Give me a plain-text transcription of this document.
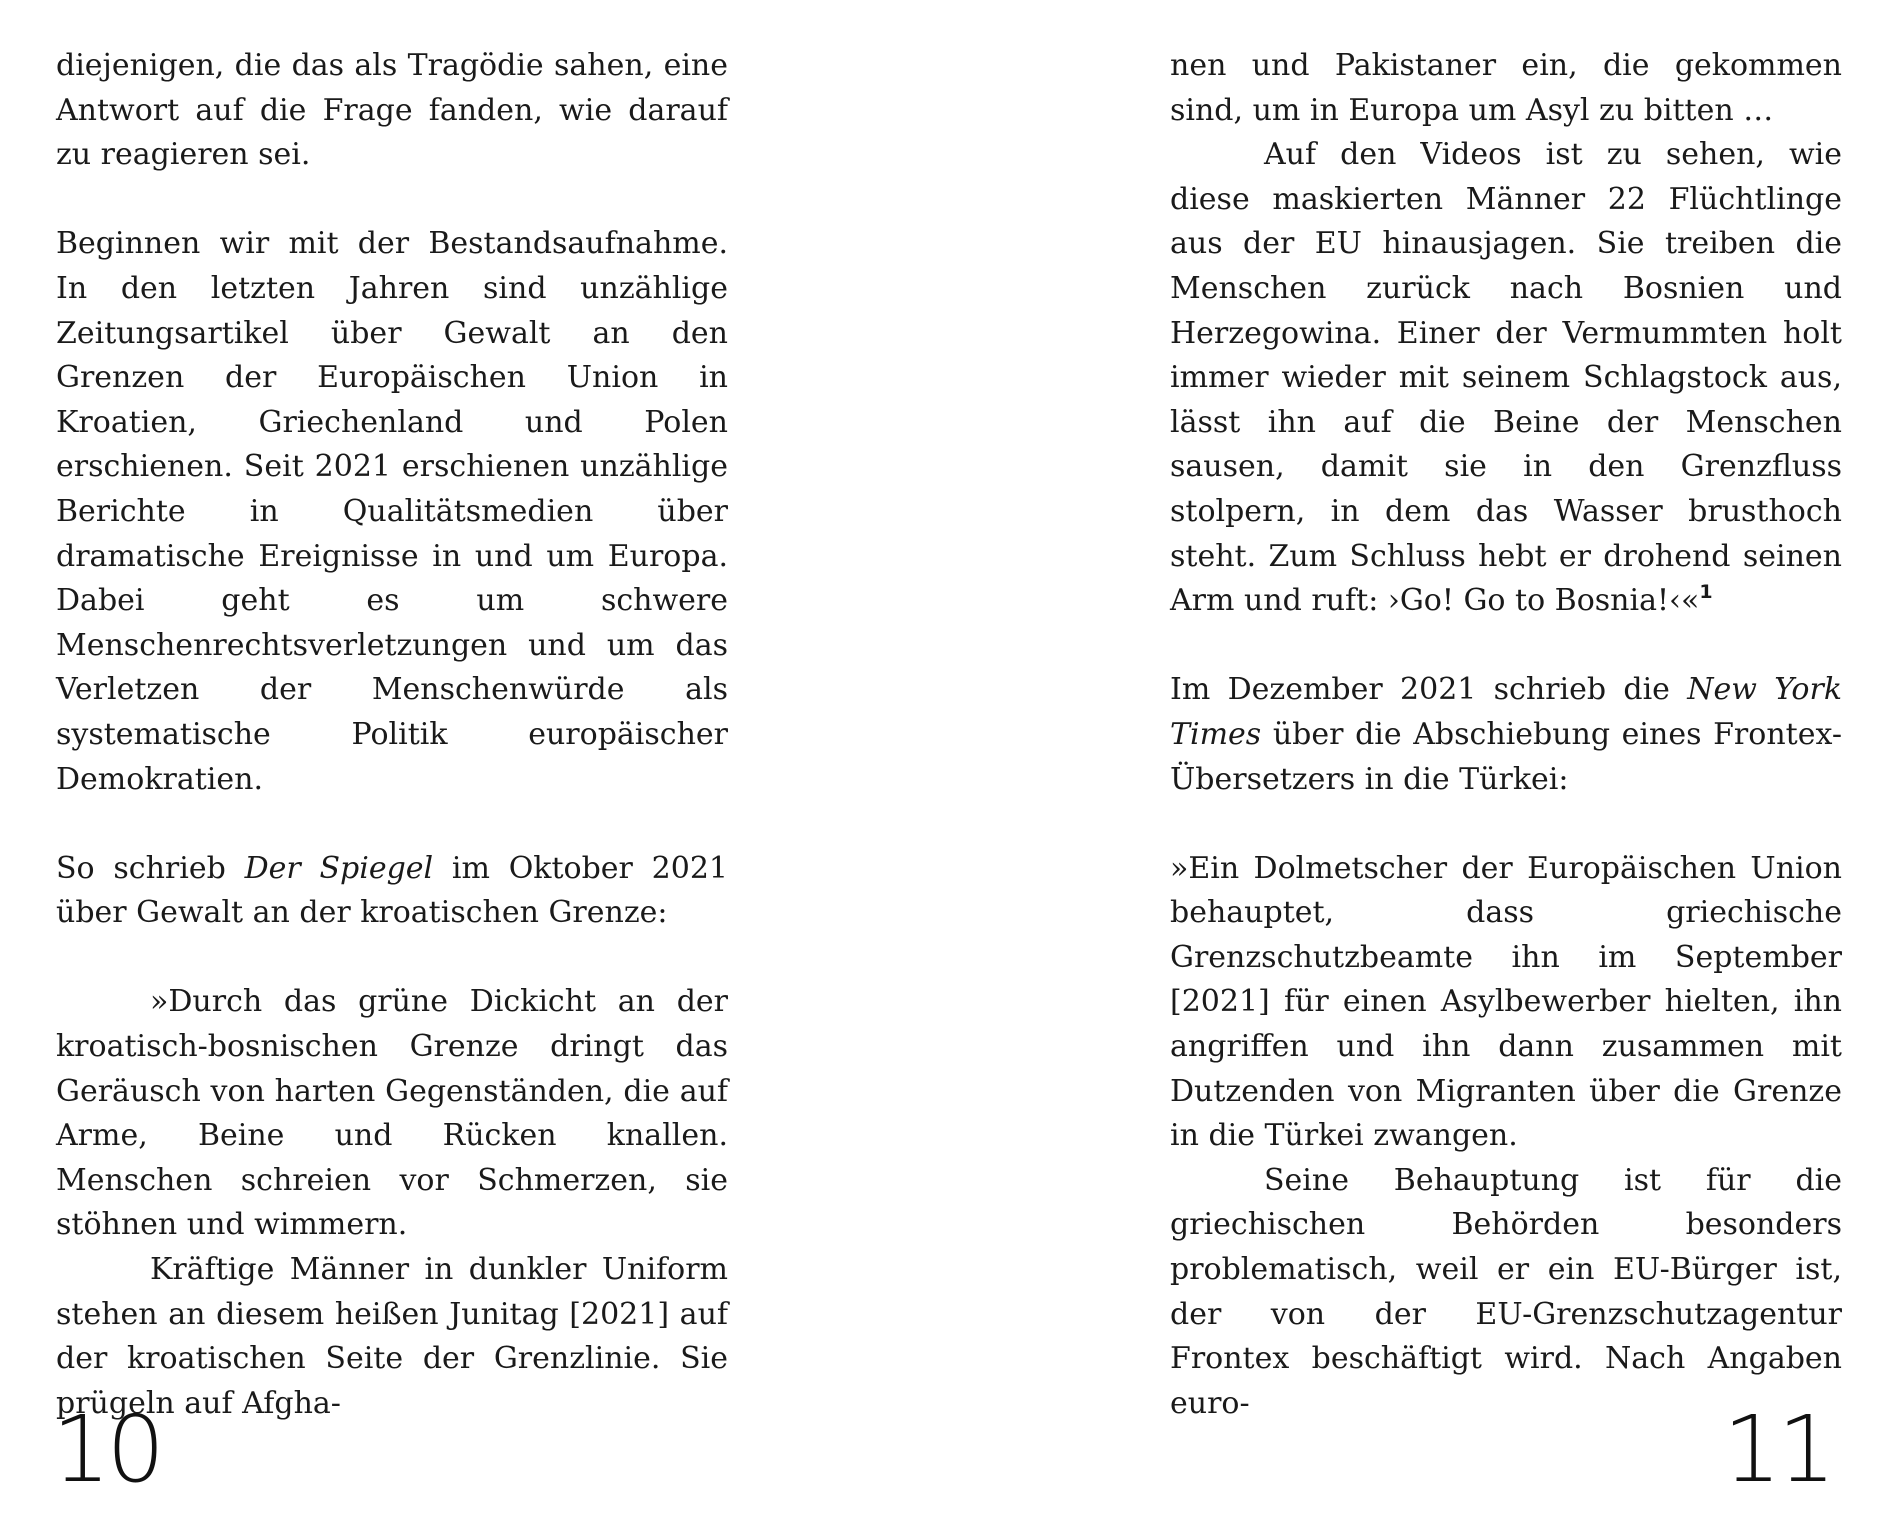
diejenigen, die das als Tragödie sahen, eine Antwort auf die Frage fanden, wie darauf zu reagieren sei.

Beginnen wir mit der Bestandsaufnahme. In den letzten Jahren sind unzählige Zeitungsartikel über Gewalt an den Grenzen der Europäischen Union in Kroatien, Griechenland und Polen erschienen. Seit 2021 erschienen unzählige Berichte in Qualitätsmedien über dramatische Ereignisse in und um Europa. Dabei geht es um schwere Menschenrechtsverletzungen und um das Verletzen der Menschenwürde als systematische Politik europäischer Demokratien.

So schrieb Der Spiegel im Oktober 2021 über Gewalt an der kroatischen Grenze:

»Durch das grüne Dickicht an der kroatisch-bosnischen Grenze dringt das Geräusch von harten Gegenständen, die auf Arme, Beine und Rücken knallen. Menschen schreien vor Schmerzen, sie stöhnen und wimmern.

Kräftige Männer in dunkler Uniform stehen an diesem heißen Junitag [2021] auf der kroatischen Seite der Grenzlinie. Sie prügeln auf Afgha-

10

nen und Pakistaner ein, die gekommen sind, um in Europa um Asyl zu bitten …

Auf den Videos ist zu sehen, wie diese maskierten Männer 22 Flüchtlinge aus der EU hinausjagen. Sie treiben die Menschen zurück nach Bosnien und Herzegowina. Einer der Vermummten holt immer wieder mit seinem Schlagstock aus, lässt ihn auf die Beine der Menschen sausen, damit sie in den Grenzfluss stolpern, in dem das Wasser brusthoch steht. Zum Schluss hebt er drohend seinen Arm und ruft: ›Go! Go to Bosnia!‹«$^1$

Im Dezember 2021 schrieb die New York Times über die Abschiebung eines Frontex-Übersetzers in die Türkei:

»Ein Dolmetscher der Europäischen Union behauptet, dass griechische Grenzschutzbeamte ihn im September [2021] für einen Asylbewerber hielten, ihn angriffen und ihn dann zusammen mit Dutzenden von Migranten über die Grenze in die Türkei zwangen.

Seine Behauptung ist für die griechischen Behörden besonders problematisch, weil er ein EU-Bürger ist, der von der EU-Grenzschutzagentur Frontex beschäftigt wird. Nach Angaben euro-	11
